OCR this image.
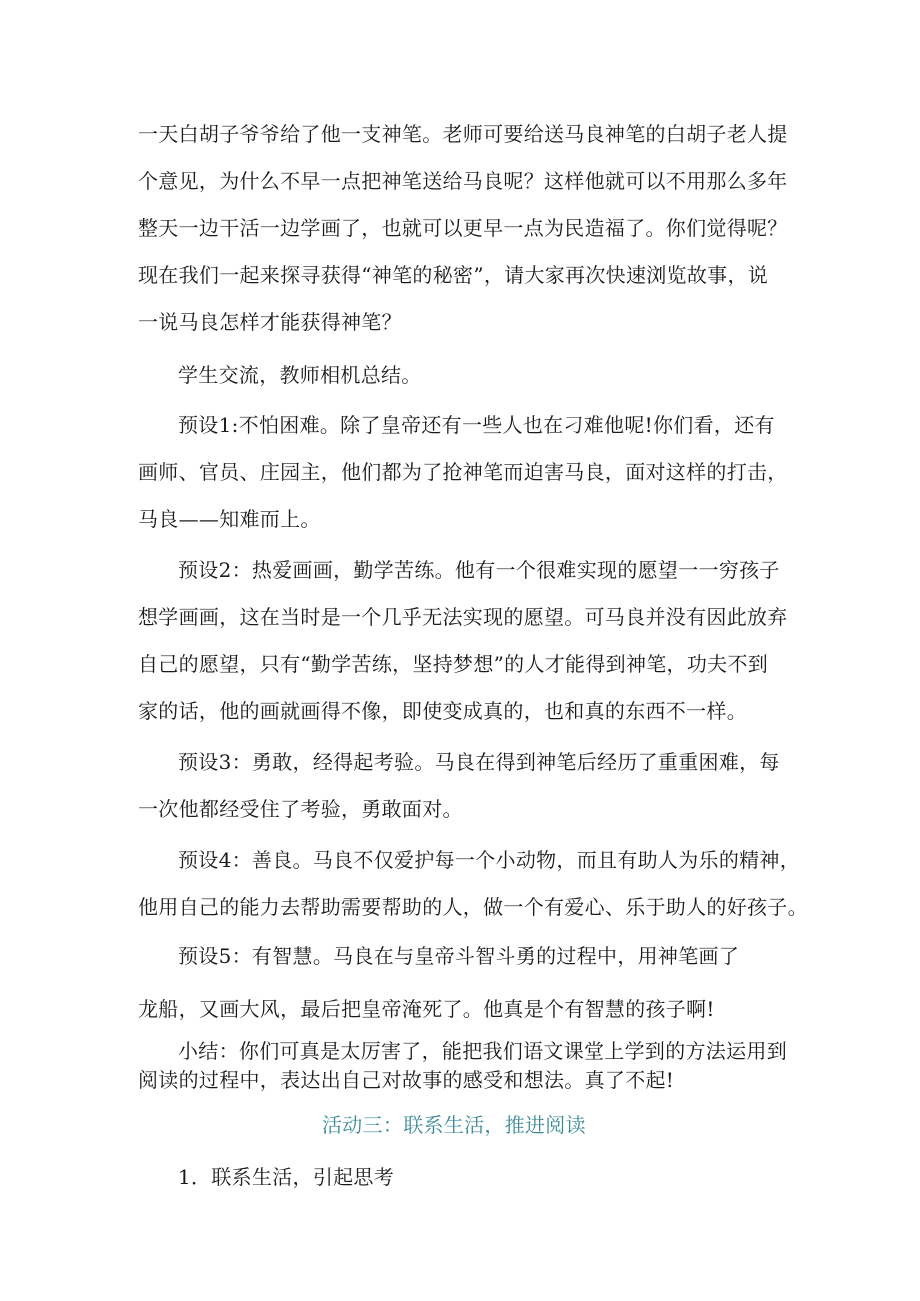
一天白胡子爷爷给了他一支神笔。老师可要给送马良神笔的白胡子老人提
个意见，为什么不早一点把神笔送给马良呢？这样他就可以不用那么多年
整天一边干活一边学画了，也就可以更早一点为民造福了。你们觉得呢？
现在我们一起来探寻获得“神笔的秘密”，请大家再次快速浏览故事，说
一说马良怎样才能获得神笔？
学生交流，教师相机总结。
预设1:不怕困难。除了皇帝还有一些人也在刁难他呢!你们看，还有
画师、官员、庄园主，他们都为了抢神笔而迫害马良，面对这样的打击，
马良——知难而上。
预设2：热爱画画，勤学苦练。他有一个很难实现的愿望一一穷孩子
想学画画，这在当时是一个几乎无法实现的愿望。可马良并没有因此放弃
自己的愿望，只有“勤学苦练，坚持梦想”的人才能得到神笔，功夫不到
家的话，他的画就画得不像，即使变成真的，也和真的东西不一样。
预设3：勇敢，经得起考验。马良在得到神笔后经历了重重困难，每
一次他都经受住了考验，勇敢面对。
预设4：善良。马良不仅爱护每一个小动物，而且有助人为乐的精神，
他用自己的能力去帮助需要帮助的人，做一个有爱心、乐于助人的好孩子。
预设5：有智慧。马良在与皇帝斗智斗勇的过程中，用神笔画了
龙船，又画大风，最后把皇帝淹死了。他真是个有智慧的孩子啊!
小结：你们可真是太厉害了，能把我们语文课堂上学到的方法运用到
阅读的过程中，表达出自己对故事的感受和想法。真了不起!
活动三：联系生活，推进阅读
1．联系生活，引起思考
